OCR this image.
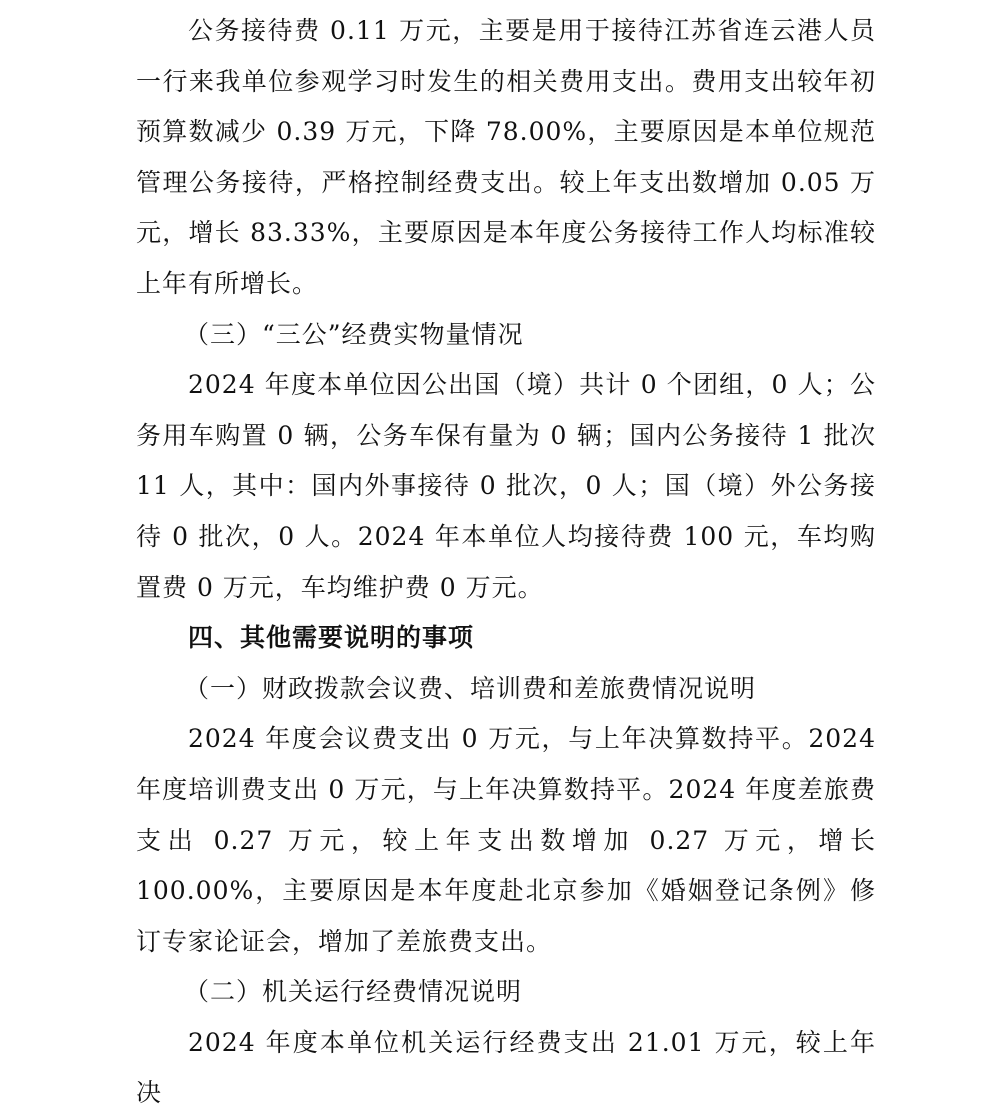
公务接待费 0.11 万元，主要是用于接待江苏省连云港人员一行来我单位参观学习时发生的相关费用支出。费用支出较年初预算数减少 0.39 万元，下降 78.00%，主要原因是本单位规范管理公务接待，严格控制经费支出。较上年支出数增加 0.05 万元，增长 83.33%，主要原因是本年度公务接待工作人均标准较上年有所增长。

（三）“三公”经费实物量情况

2024 年度本单位因公出国（境）共计 0 个团组，0 人；公务用车购置 0 辆，公务车保有量为 0 辆；国内公务接待 1 批次 11 人，其中：国内外事接待 0 批次，0 人；国（境）外公务接待 0 批次，0 人。2024 年本单位人均接待费 100 元，车均购置费 0 万元，车均维护费 0 万元。

四、其他需要说明的事项

（一）财政拨款会议费、培训费和差旅费情况说明

2024 年度会议费支出 0 万元，与上年决算数持平。2024 年度培训费支出 0 万元，与上年决算数持平。2024 年度差旅费支出 0.27 万元，较上年支出数增加 0.27 万元，增长 100.00%，主要原因是本年度赴北京参加《婚姻登记条例》修订专家论证会，增加了差旅费支出。

（二）机关运行经费情况说明

2024 年度本单位机关运行经费支出 21.01 万元，较上年决
